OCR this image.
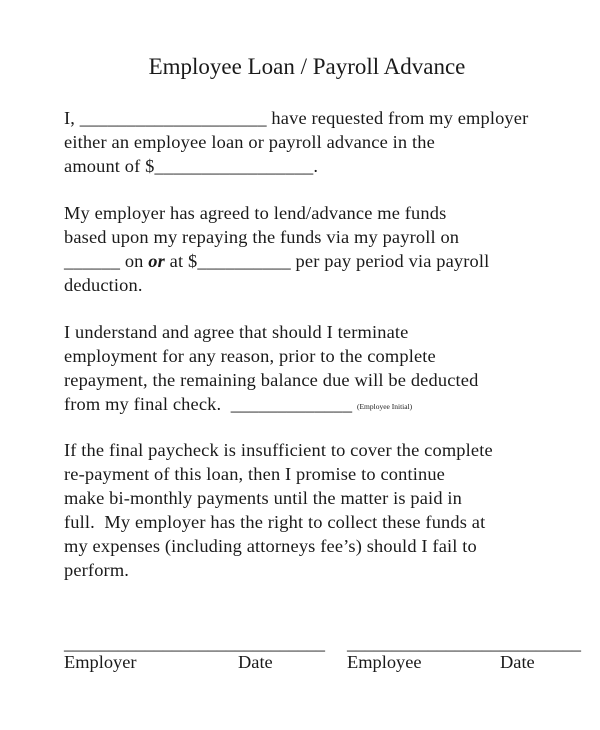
Employee Loan / Payroll Advance

I, ____________________ have requested from my employer
either an employee loan or payroll advance in the
amount of $_________________.

My employer has agreed to lend/advance me funds
based upon my repaying the funds via my payroll on
______ on or at $__________ per pay period via payroll
deduction.

I understand and agree that should I terminate
employment for any reason, prior to the complete
repayment, the remaining balance due will be deducted
from my final check.  _____________ (Employee Initial)

If the final paycheck is insufficient to cover the complete
re-payment of this loan, then I promise to continue
make bi-monthly payments until the matter is paid in
full.  My employer has the right to collect these funds at
my expenses (including attorneys fee’s) should I fail to
perform.

_____________________________ __________________________
Employer	Date	Employee	Date
